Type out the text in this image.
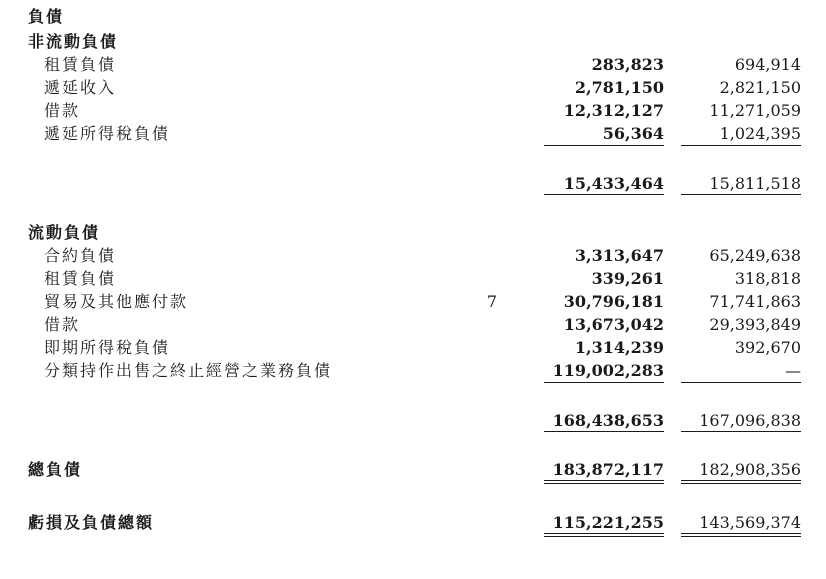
負債
非流動負債
租賃負債	283,823	694,914
遞延收入	2,781,150	2,821,150
借款	12,312,127	11,271,059
遞延所得稅負債	56,364	1,024,395
15,433,464	15,811,518
流動負債
合約負債	3,313,647	65,249,638
租賃負債	339,261	318,818
貿易及其他應付款	7	30,796,181	71,741,863
借款	13,673,042	29,393,849
即期所得稅負債	1,314,239	392,670
分類持作出售之終止經營之業務負債	119,002,283	—
168,438,653	167,096,838
總負債	183,872,117	182,908,356
虧損及負債總額	115,221,255	143,569,374
